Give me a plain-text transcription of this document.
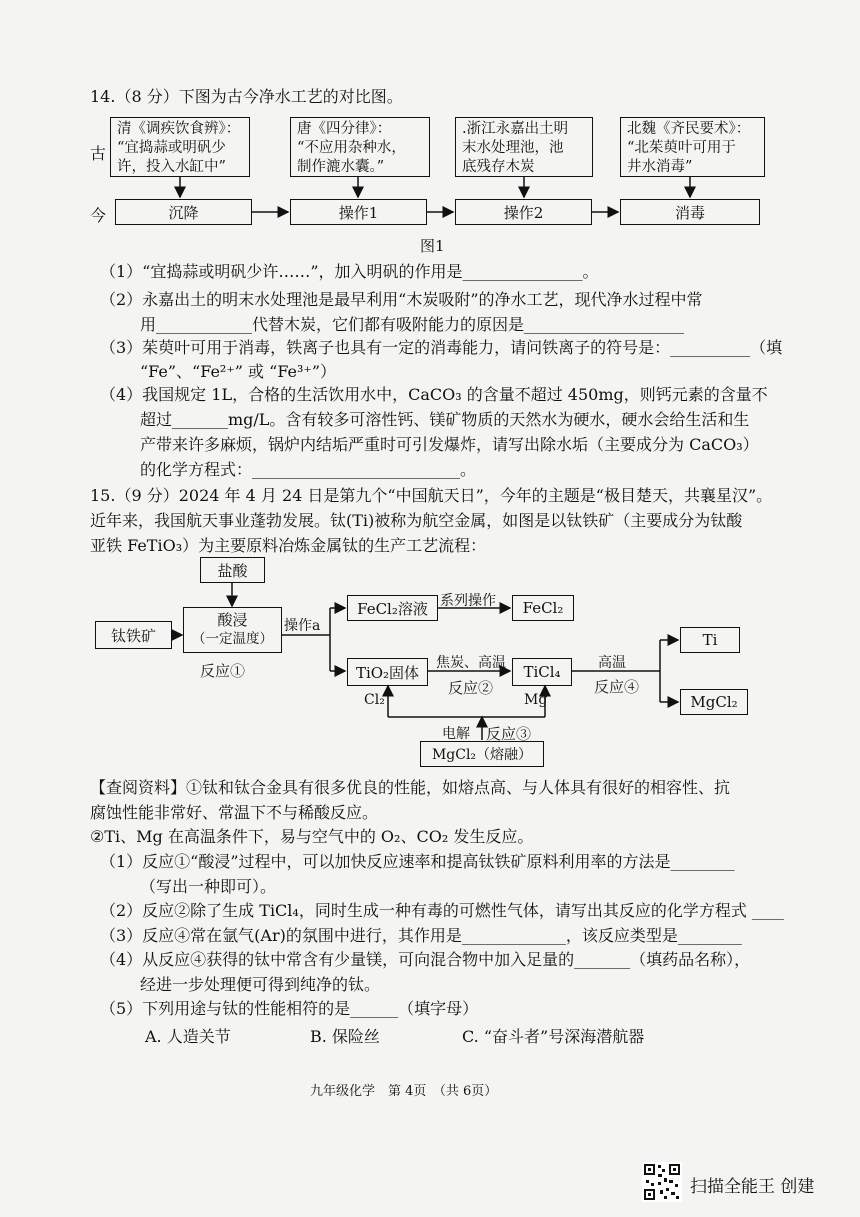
14.（8 分）下图为古今净水工艺的对比图。
古
今
清《调疾饮食辨》：
“宜捣蒜或明矾少
许，投入水缸中”
唐《四分律》：
“不应用杂种水，
制作漉水囊。”
.浙江永嘉出土明
末水处理池，池
底残存木炭
北魏《齐民要术》：
“北茱萸叶可用于
井水消毒”
沉降	操作1	操作2	消毒
图1
（1）“宜捣蒜或明矾少许……”，加入明矾的作用是_______________。
（2）永嘉出土的明末水处理池是最早利用“木炭吸附”的净水工艺，现代净水过程中常
用____________代替木炭，它们都有吸附能力的原因是____________________
（3）茱萸叶可用于消毒，铁离子也具有一定的消毒能力，请问铁离子的符号是：__________（填
“Fe”、“Fe²⁺” 或 “Fe³⁺”）
（4）我国规定 1L，合格的生活饮用水中，CaCO₃ 的含量不超过 450mg，则钙元素的含量不
超过_______mg/L。含有较多可溶性钙、镁矿物质的天然水为硬水，硬水会给生活和生
产带来许多麻烦，锅炉内结垢严重时可引发爆炸，请写出除水垢（主要成分为 CaCO₃）
的化学方程式：__________________________。
15.（9 分）2024 年 4 月 24 日是第九个“中国航天日”，今年的主题是“极目楚天，共襄星汉”。
近年来，我国航天事业蓬勃发展。钛(Ti)被称为航空金属，如图是以钛铁矿（主要成分为钛酸
亚铁 FeTiO₃）为主要原料冶炼金属钛的生产工艺流程：
盐酸
钛铁矿
酸浸
（一定温度）
反应①
操作a
FeCl₂溶液 系列操作	FeCl₂
TiO₂固体
焦炭、高温
反应②
TiCl₄
Cl₂	Mg
高温
反应④
Ti
MgCl₂
电解 反应③
MgCl₂（熔融）
【查阅资料】①钛和钛合金具有很多优良的性能，如熔点高、与人体具有很好的相容性、抗
腐蚀性能非常好、常温下不与稀酸反应。
②Ti、Mg 在高温条件下，易与空气中的 O₂、CO₂ 发生反应。
（1）反应①“酸浸”过程中，可以加快反应速率和提高钛铁矿原料利用率的方法是________
（写出一种即可）。
（2）反应②除了生成 TiCl₄，同时生成一种有毒的可燃性气体，请写出其反应的化学方程式 ____
（3）反应④常在氩气(Ar)的氛围中进行，其作用是_____________，该反应类型是________
（4）从反应④获得的钛中常含有少量镁，可向混合物中加入足量的_______（填药品名称），
经进一步处理便可得到纯净的钛。
（5）下列用途与钛的性能相符的是______（填字母）
A. 人造关节	B. 保险丝	C. “奋斗者”号深海潜航器
九年级化学　第 4页　（共 6页）
扫描全能王 创建
